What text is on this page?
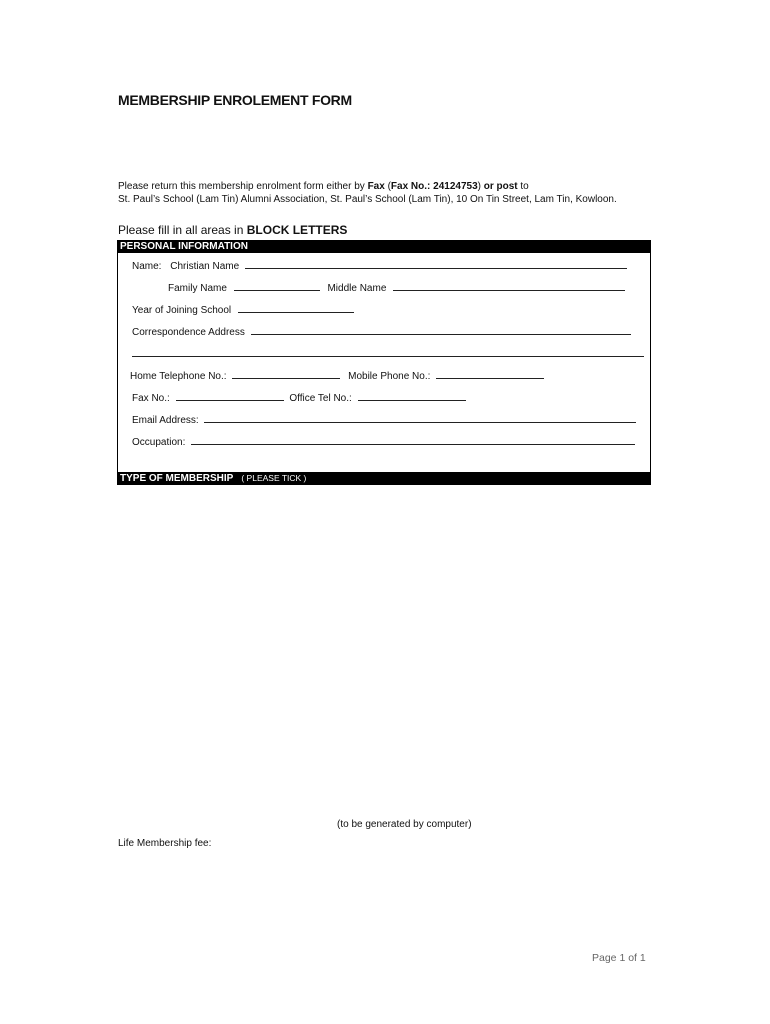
MEMBERSHIP ENROLEMENT FORM
Please return this membership enrolment form either by Fax (Fax No.: 24124753) or post to
St. Paul’s School (Lam Tin) Alumni Association, St. Paul’s School (Lam Tin), 10 On Tin Street, Lam Tin, Kowloon.
Please fill in all areas in BLOCK LETTERS
PERSONAL INFORMATION
Name: Christian Name
Family Name	Middle Name
Year of Joining School
Correspondence Address
Home Telephone No.:	Mobile Phone No.:
Fax No.:	Office Tel No.:
Email Address:
Occupation:
TYPE OF MEMBERSHIP ( PLEASE TICK )
(to be generated by computer)
Life Membership fee:
Page 1 of 1
